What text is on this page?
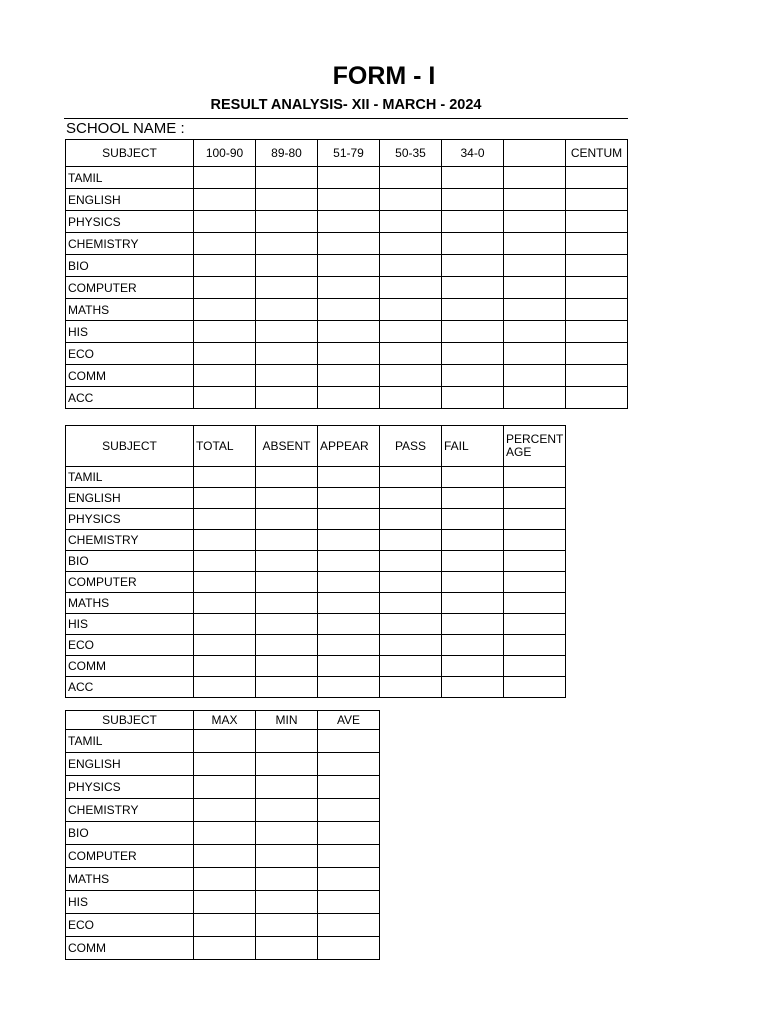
FORM - I
RESULT ANALYSIS- XII - MARCH - 2024
SCHOOL NAME :
SUBJECT	100-90	89-80	51-79	50-35	34-0		CENTUM
TAMIL							
ENGLISH							
PHYSICS							
CHEMISTRY							
BIO							
COMPUTER							
MATHS							
HIS							
ECO							
COMM							
ACC							
SUBJECT	TOTAL	ABSENT	APPEAR	PASS	FAIL	PERCENT AGE
TAMIL						
ENGLISH						
PHYSICS						
CHEMISTRY						
BIO						
COMPUTER						
MATHS						
HIS						
ECO						
COMM						
ACC						
SUBJECT	MAX	MIN	AVE
TAMIL			
ENGLISH			
PHYSICS			
CHEMISTRY			
BIO			
COMPUTER			
MATHS			
HIS			
ECO			
COMM			
